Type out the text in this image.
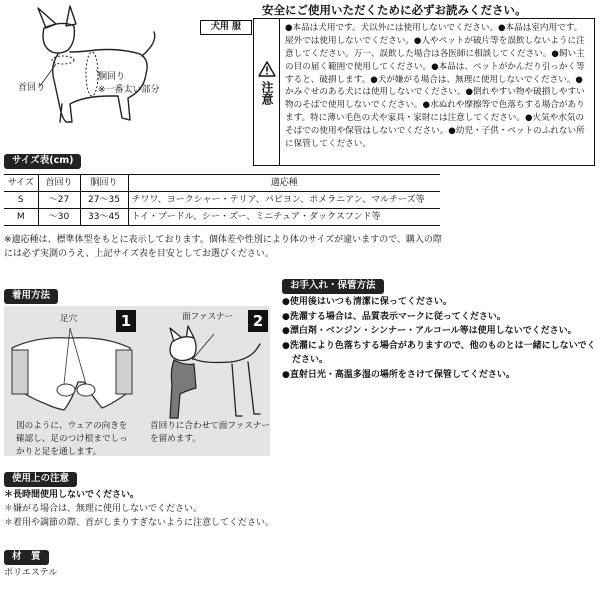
首回り
胴回り
※一番太い部分
安全にご使用いただくために必ずお読みください。
犬用 服
注意
●本品は犬用です。犬以外には使用しないでください。●本品は室内用です。屋外では使用しないでください。●人やペットが破片等を誤飲しないように注意してください。万一、誤飲した場合は各医師に相談してください。●飼い主の目の届く範囲で使用してください。●本品は、ペットがかんだり引っかく等すると、破損します。●犬が嫌がる場合は、無理に使用しないでください。●かみぐせのある犬には使用しないでください。●倒れやすい物や破損しやすい物のそばで使用しないでください。●水ぬれや摩擦等で色落ちする場合があります。特に薄い毛色の犬や家具・家財には注意してください。●火気や水気のそばでの使用や保管はしないでください。●幼児・子供・ペットのふれない所に保管してください。
サイズ表(cm)
サイズ	首回り	胴回り	適応種
S	～27	27～35	チワワ、ヨークシャー・テリア、パピヨン、ポメラニアン、マルチーズ等
M	～30	33～45	トイ・プードル、シー・ズー、ミニチュア・ダックスフンド等
※適応種は、標準体型をもとに表示しております。個体差や性別により体のサイズが違いますので、購入の際には必ず実測のうえ、上記サイズ表を目安としてお選びください。
着用方法
1
足穴	2
面ファスナー
図のように、ウェアの向きを確認し、足のつけ根までしっかりと足を通します。
首回りに合わせて面ファスナーを留めます。
お手入れ・保管方法
● 使用後はいつも清潔に保ってください。
● 洗濯する場合は、品質表示マークに従ってください。
● 漂白剤・ベンジン・シンナー・アルコール等は使用しないでください。
● 洗濯により色落ちする場合がありますので、他のものとは一緒にしないでください。
● 直射日光・高温多湿の場所をさけて保管してください。
使用上の注意
＊ 長時間使用しないでください。
＊ 嫌がる場合は、無理に使用しないでください。
＊ 着用や調節の際、首がしまりすぎないように注意してください。
材　質
ポリエステル
